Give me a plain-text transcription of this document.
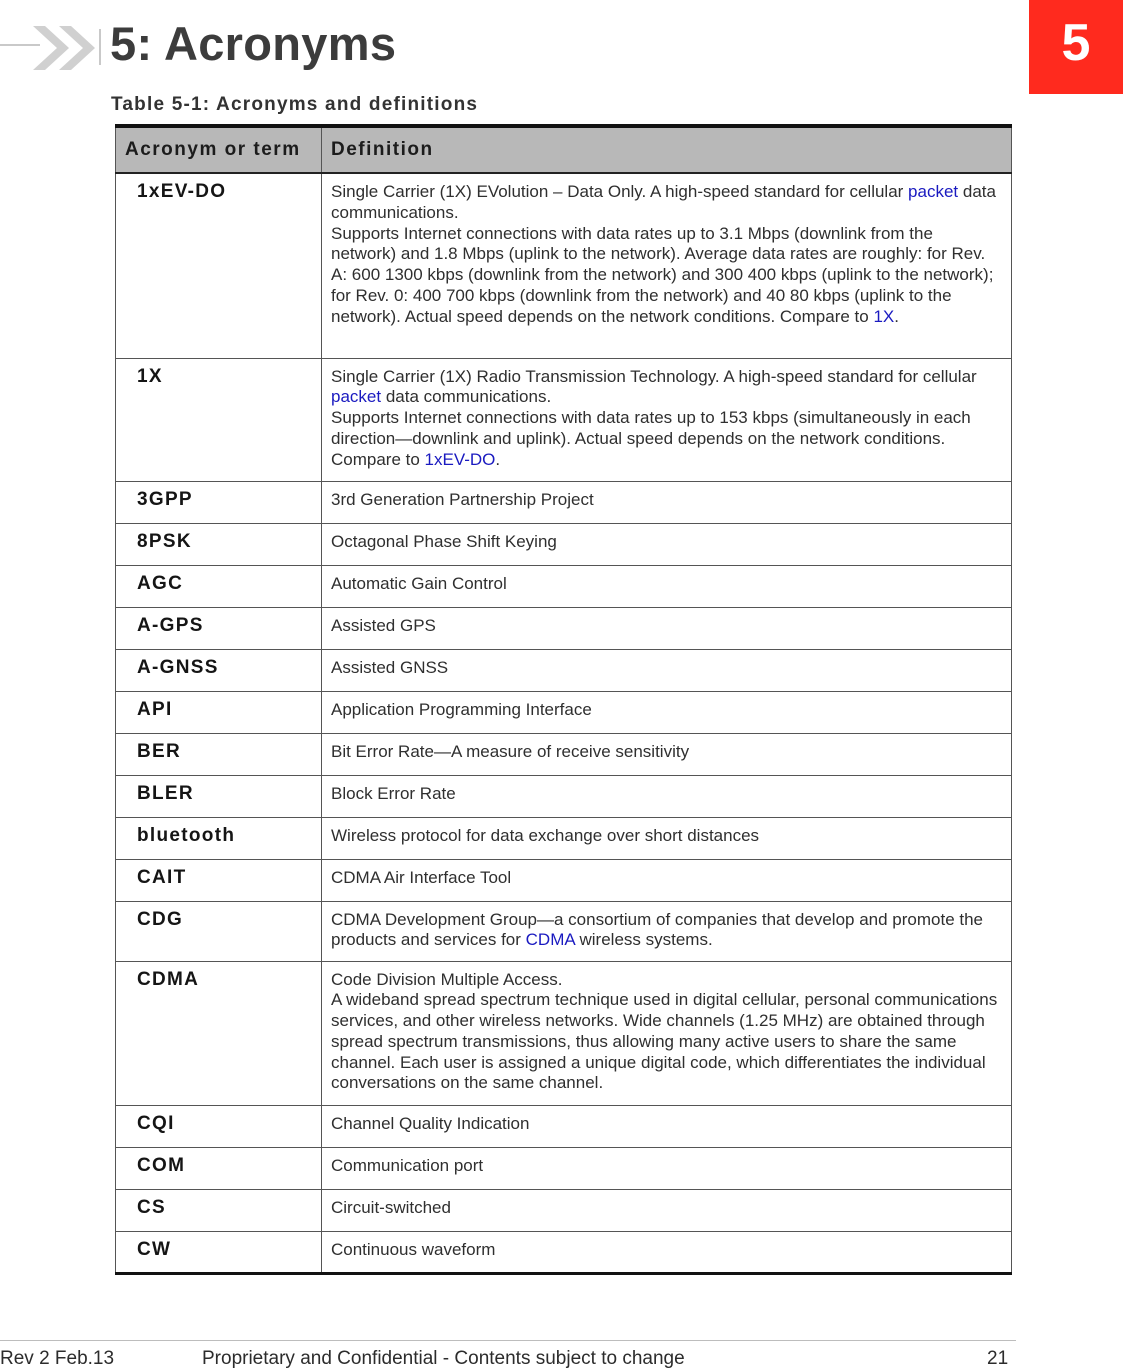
5: Acronyms	5
Table 5-1: Acronyms and definitions
Acronym or term	Definition
1xEV-DO	Single Carrier (1X) EVolution – Data Only. A high-speed standard for cellular packet data communications.

Supports Internet connections with data rates up to 3.1 Mbps (downlink from the network) and 1.8 Mbps (uplink to the network). Average data rates are roughly: for Rev. A: 600 1300 kbps (downlink from the network) and 300 400 kbps (uplink to the network); for Rev. 0: 400 700 kbps (downlink from the network) and 40 80 kbps (uplink to the network). Actual speed depends on the network conditions. Compare to 1X.

1X	Single Carrier (1X) Radio Transmission Technology. A high-speed standard for cellular packet data communications.

Supports Internet connections with data rates up to 153 kbps (simultaneously in each direction—downlink and uplink). Actual speed depends on the network conditions. Compare to 1xEV-DO.

3GPP	3rd Generation Partnership Project
8PSK	Octagonal Phase Shift Keying
AGC	Automatic Gain Control
A-GPS	Assisted GPS
A-GNSS	Assisted GNSS
API	Application Programming Interface
BER	Bit Error Rate—A measure of receive sensitivity
BLER	Block Error Rate
bluetooth	Wireless protocol for data exchange over short distances
CAIT	CDMA Air Interface Tool
CDG	CDMA Development Group—a consortium of companies that develop and promote the products and services for CDMA wireless systems.

CDMA	Code Division Multiple Access.

A wideband spread spectrum technique used in digital cellular, personal communications services, and other wireless networks. Wide channels (1.25 MHz) are obtained through spread spectrum transmissions, thus allowing many active users to share the same channel. Each user is assigned a unique digital code, which differentiates the individual conversations on the same channel.

CQI	Channel Quality Indication
COM	Communication port
CS	Circuit-switched
CW	Continuous waveform
Rev 2 Feb.13	Proprietary and Confidential - Contents subject to change	21
